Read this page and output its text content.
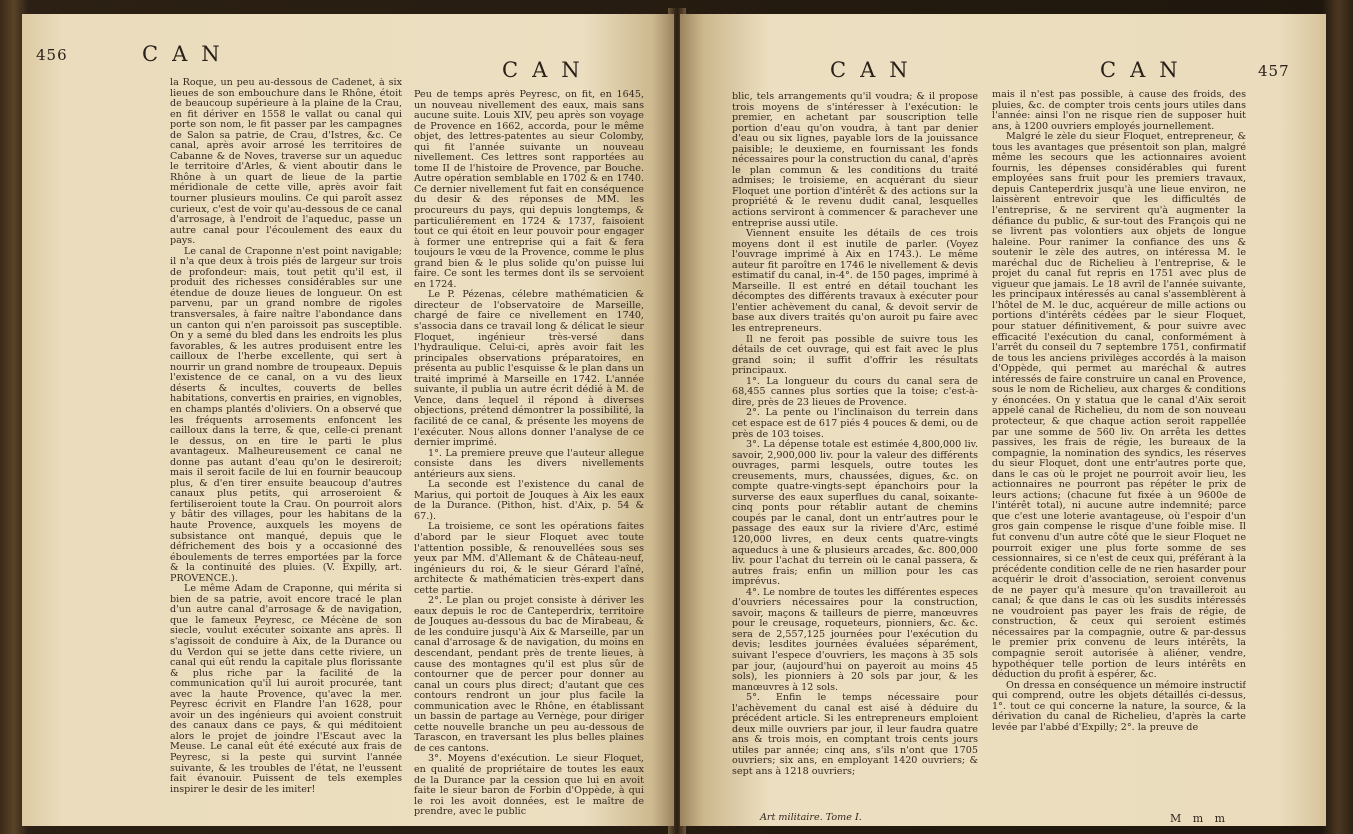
456	CAN
CAN

la Roque, un peu au-dessous de Cadenet, à six lieues de son embouchure dans le Rhône, étoit de beaucoup supérieure à la plaine de la Crau, en fit dériver en 1558 le vallat ou canal qui porte son nom, le fit passer par les campagnes de Salon sa patrie, de Crau, d'Istres, &c. Ce canal, après avoir arrosé les territoires de Cabanne & de Noves, traverse sur un aqueduc le territoire d'Arles, & vient aboutir dans le Rhône à un quart de lieue de la partie méridionale de cette ville, après avoir fait tourner plusieurs moulins. Ce qui paroît assez curieux, c'est de voir qu'au-dessous de ce canal d'arrosage, à l'endroit de l'aqueduc, passe un autre canal pour l'écoulement des eaux du pays.

Le canal de Craponne n'est point navigable; il n'a que deux à trois piés de largeur sur trois de profondeur: mais, tout petit qu'il est, il produit des richesses considérables sur une étendue de douze lieues de longueur. On est parvenu, par un grand nombre de rigoles transversales, à faire naître l'abondance dans un canton qui n'en paroissoit pas susceptible. On y a semé du bled dans les endroits les plus favorables, & les autres produisent entre les cailloux de l'herbe excellente, qui sert à nourrir un grand nombre de troupeaux. Depuis l'existence de ce canal, on a vu des lieux déserts & incultes, couverts de belles habitations, convertis en prairies, en vignobles, en champs plantés d'oliviers. On a observé que les fréquents arrosements enfoncent les cailloux dans la terre, & que, celle-ci prenant le dessus, on en tire le parti le plus avantageux. Malheureusement ce canal ne donne pas autant d'eau qu'on le desireroit; mais il seroit facile de lui en fournir beaucoup plus, & d'en tirer ensuite beaucoup d'autres canaux plus petits, qui arroseroient & fertiliseroient toute la Crau. On pourroit alors y bâtir des villages, pour les habitans de la haute Provence, auxquels les moyens de subsistance ont manqué, depuis que le défrichement des bois y a occasionné des éboulements de terres emportées par la force & la continuité des pluies. (V. Expilly, art. PROVENCE.).

Le même Adam de Craponne, qui mérita si bien de sa patrie, avoit encore tracé le plan d'un autre canal d'arrosage & de navigation, que le fameux Peyresc, ce Mécène de son siecle, voulut exécuter soixante ans après. Il s'agissoit de conduire à Aix, de la Durance ou du Verdon qui se jette dans cette riviere, un canal qui eût rendu la capitale plus florissante & plus riche par la facilité de la communication qu'il lui auroit procurée, tant avec la haute Provence, qu'avec la mer. Peyresc écrivit en Flandre l'an 1628, pour avoir un des ingénieurs qui avoient construit des canaux dans ce pays, & qui méditoient alors le projet de joindre l'Escaut avec la Meuse. Le canal eût été exécuté aux frais de Peyresc, si la peste qui survint l'année suivante, & les troubles de l'état, ne l'eussent fait évanouir. Puissent de tels exemples inspirer le desir de les imiter!

Peu de temps après Peyresc, on fit, en 1645, un nouveau nivellement des eaux, mais sans aucune suite. Louis XIV, peu après son voyage de Provence en 1662, accorda, pour le même objet, des lettres-patentes au sieur Colomby, qui fit l'année suivante un nouveau nivellement. Ces lettres sont rapportées au tome II de l'histoire de Provence, par Bouche. Autre opération semblable en 1702 & en 1740. Ce dernier nivellement fut fait en conséquence du desir & des réponses de MM. les procureurs du pays, qui depuis longtemps, & particuliérement en 1724 & 1737, faisoient tout ce qui étoit en leur pouvoir pour engager à former une entreprise qui a fait & fera toujours le vœu de la Provence, comme le plus grand bien & le plus solide qu'on puisse lui faire. Ce sont les termes dont ils se servoient en 1724.

Le P. Pézenas, célebre mathématicien & directeur de l'observatoire de Marseille, chargé de faire ce nivellement en 1740, s'associa dans ce travail long & délicat le sieur Floquet, ingénieur très-versé dans l'hydraulique. Celui-ci, après avoir fait les principales observations préparatoires, en présenta au public l'esquisse & le plan dans un traité imprimé à Marseille en 1742. L'année suivante, il publia un autre écrit dédié à M. de Vence, dans lequel il répond à diverses objections, prétend démontrer la possibilité, la facilité de ce canal, & présente les moyens de l'exécuter. Nous allons donner l'analyse de ce dernier imprimé.

1°. La premiere preuve que l'auteur allegue consiste dans les divers nivellements antérieurs aux siens.

La seconde est l'existence du canal de Marius, qui portoit de Jouques à Aix les eaux de la Durance. (Pithon, hist. d'Aix, p. 54 & 67.).

La troisieme, ce sont les opérations faites d'abord par le sieur Floquet avec toute l'attention possible, & renouvellées sous ses yeux par MM. d'Allemant & de Château-neuf, ingénieurs du roi, & le sieur Gérard l'aîné, architecte & mathématicien très-expert dans cette partie.

2°. Le plan ou projet consiste à dériver les eaux depuis le roc de Canteperdrix, territoire de Jouques au-dessous du bac de Mirabeau, & de les conduire jusqu'à Aix & Marseille, par un canal d'arrosage & de navigation, du moins en descendant, pendant près de trente lieues, à cause des montagnes qu'il est plus sûr de contourner que de percer pour donner au canal un cours plus direct; d'autant que ces contours rendront un jour plus facile la communication avec le Rhône, en établissant un bassin de partage au Vernège, pour diriger cette nouvelle branche un peu au-dessous de Tarascon, en traversant les plus belles plaines de ces cantons.

3°. Moyens d'exécution. Le sieur Floquet, en qualité de propriétaire de toutes les eaux de la Durance par la cession que lui en avoit faite le sieur baron de Forbin d'Oppède, à qui le roi les avoit données, est le maître de prendre, avec le public

CAN	CAN	457

blic, tels arrangements qu'il voudra; & il propose trois moyens de s'intéresser à l'exécution: le premier, en achetant par souscription telle portion d'eau qu'on voudra, à tant par denier d'eau ou six lignes, payable lors de la jouissance paisible; le deuxieme, en fournissant les fonds nécessaires pour la construction du canal, d'après le plan commun & les conditions du traité admises; le troisieme, en acquérant du sieur Floquet une portion d'intérêt & des actions sur la propriété & le revenu dudit canal, lesquelles actions serviront à commencer & parachever une entreprise aussi utile.

Viennent ensuite les détails de ces trois moyens dont il est inutile de parler. (Voyez l'ouvrage imprimé à Aix en 1743.). Le même auteur fit paroître en 1746 le nivellement & devis estimatif du canal, in-4°. de 150 pages, imprimé à Marseille. Il est entré en détail touchant les décomptes des différents travaux à exécuter pour l'entier achèvement du canal, & devoit servir de base aux divers traités qu'on auroit pu faire avec les entrepreneurs.

Il ne feroit pas possible de suivre tous les détails de cet ouvrage, qui est fait avec le plus grand soin; il suffit d'offrir les résultats principaux.

1°. La longueur du cours du canal sera de 68,455 cannes plus sorties que la toise; c'est-à-dire, près de 23 lieues de Provence.

2°. La pente ou l'inclinaison du terrein dans cet espace est de 617 piés 4 pouces & demi, ou de près de 103 toises.

3°. La dépense totale est estimée 4,800,000 liv. savoir, 2,900,000 liv. pour la valeur des différents ouvrages, parmi lesquels, outre toutes les creusements, murs, chaussées, digues, &c. on compte quatre-vingts-sept épanchoirs pour la surverse des eaux superflues du canal, soixante-cinq ponts pour rétablir autant de chemins coupés par le canal, dont un entr'autres pour le passage des eaux sur la riviere d'Arc, estimé 120,000 livres, en deux cents quatre-vingts aqueducs à une & plusieurs arcades, &c. 800,000 liv. pour l'achat du terrein où le canal passera, & autres frais; enfin un million pour les cas imprévus.

4°. Le nombre de toutes les différentes especes d'ouvriers nécessaires pour la construction, savoir, maçons & tailleurs de pierre, manœuvres pour le creusage, roqueteurs, pionniers, &c. &c. sera de 2,557,125 journées pour l'exécution du devis; lesdites journées évaluées séparément, suivant l'espece d'ouvriers, les maçons à 35 sols par jour, (aujourd'hui on payeroit au moins 45 sols), les pionniers à 20 sols par jour, & les manœuvres à 12 sols.

5°. Enfin le temps nécessaire pour l'achèvement du canal est aisé à déduire du précédent article. Si les entrepreneurs emploient deux mille ouvriers par jour, il leur faudra quatre ans & trois mois, en comptant trois cents jours utiles par année; cinq ans, s'ils n'ont que 1705 ouvriers; six ans, en employant 1420 ouvriers; & sept ans à 1218 ouvriers;

mais il n'est pas possible, à cause des froids, des pluies, &c. de compter trois cents jours utiles dans l'année: ainsi l'on ne risque rien de supposer huit ans, à 1200 ouvriers employés journellement.

Malgré le zèle du sieur Floquet, entrepreneur, & tous les avantages que présentoit son plan, malgré même les secours que les actionnaires avoient fournis, les dépenses considérables qui furent employées sans fruit pour les premiers travaux, depuis Canteperdrix jusqu'à une lieue environ, ne laissèrent entrevoir que les difficultés de l'entreprise, & ne servirent qu'à augmenter la défiance du public, & sur-tout des François qui ne se livrent pas volontiers aux objets de longue haleine. Pour ranimer la confiance des uns & soutenir le zèle des autres, on intéressa M. le maréchal duc de Richelieu à l'entreprise, & le projet du canal fut repris en 1751 avec plus de vigueur que jamais. Le 18 avril de l'année suivante, les principaux intéressés au canal s'assemblèrent à l'hôtel de M. le duc, acquéreur de mille actions ou portions d'intérêts cédées par le sieur Floquet, pour statuer définitivement, & pour suivre avec efficacité l'exécution du canal, conformément à l'arrêt du conseil du 7 septembre 1751, confirmatif de tous les anciens privilèges accordés à la maison d'Oppède, qui permet au maréchal & autres intéressés de faire construire un canal en Provence, sous le nom de Richelieu, aux charges & conditions y énoncées. On y statua que le canal d'Aix seroit appelé canal de Richelieu, du nom de son nouveau protecteur, & que chaque action seroit rappellée par une somme de 560 liv. On arrêta les dettes passives, les frais de régie, les bureaux de la compagnie, la nomination des syndics, les réserves du sieur Floquet, dont une entr'autres porte que, dans le cas où le projet ne pourroit avoir lieu, les actionnaires ne pourront pas répéter le prix de leurs actions; (chacune fut fixée à un 9600e de l'intérêt total), ni aucune autre indemnité; parce que c'est une loterie avantageuse, où l'espoir d'un gros gain compense le risque d'une foible mise. Il fut convenu d'un autre côté que le sieur Floquet ne pourroit exiger une plus forte somme de ses cessionnaires, si ce n'est de ceux qui, préférant à la précédente condition celle de ne rien hasarder pour acquérir le droit d'association, seroient convenus de ne payer qu'à mesure qu'on travailleroit au canal; & que dans le cas où les susdits intéressés ne voudroient pas payer les frais de régie, de construction, & ceux qui seroient estimés nécessaires par la compagnie, outre & par-dessus le premier prix convenu de leurs intérêts, la compagnie seroit autorisée à aliéner, vendre, hypothéquer telle portion de leurs intérêts en déduction du profit à espérer, &c.

On dressa en conséquence un mémoire instructif qui comprend, outre les objets détaillés ci-dessus, 1°. tout ce qui concerne la nature, la source, & la dérivation du canal de Richelieu, d'après la carte levée par l'abbé d'Expilly; 2°. la preuve de

Art militaire. Tome I.	M m m
